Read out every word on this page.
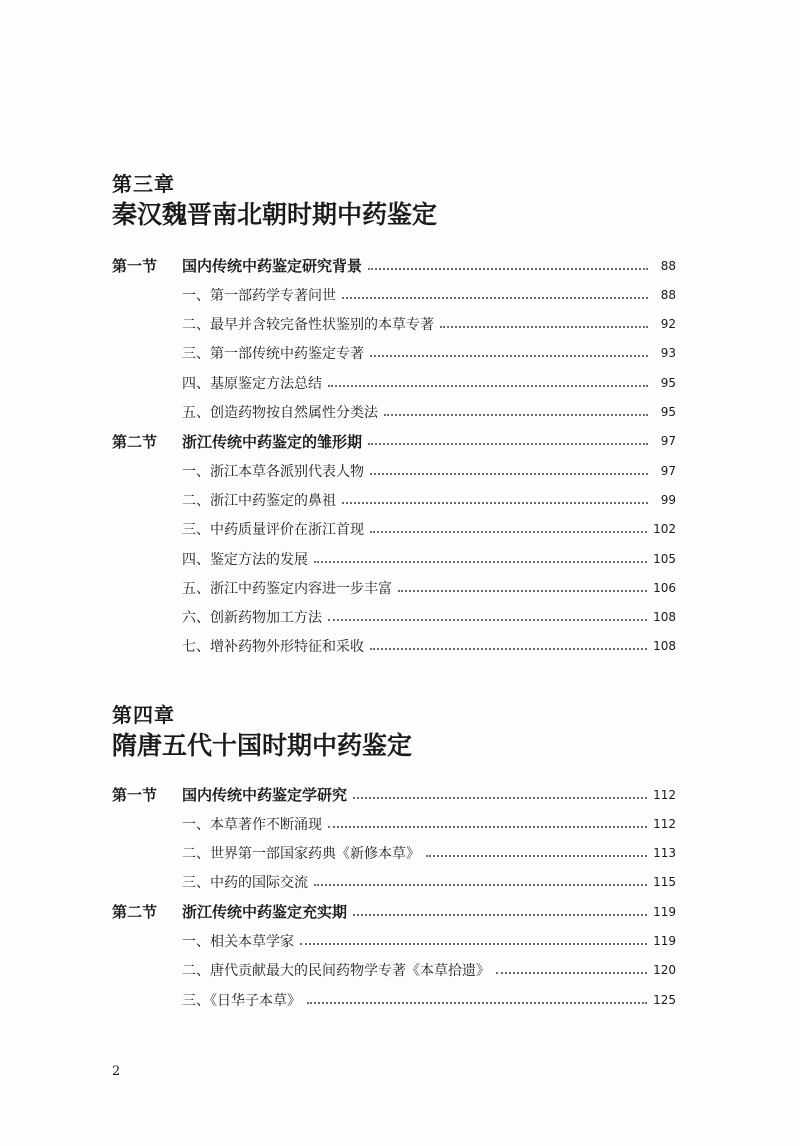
第三章
秦汉魏晋南北朝时期中药鉴定
第一节	国内传统中药鉴定研究背景	88
一、第一部药学专著问世	88
二、最早并含较完备性状鉴别的本草专著	92
三、第一部传统中药鉴定专著	93
四、基原鉴定方法总结	95
五、创造药物按自然属性分类法	95
第二节	浙江传统中药鉴定的雏形期	97
一、浙江本草各派别代表人物	97
二、浙江中药鉴定的鼻祖	99
三、中药质量评价在浙江首现	102
四、鉴定方法的发展	105
五、浙江中药鉴定内容进一步丰富	106
六、创新药物加工方法	108
七、增补药物外形特征和采收	108
第四章
隋唐五代十国时期中药鉴定
第一节	国内传统中药鉴定学研究	112
一、本草著作不断涌现	112
二、世界第一部国家药典《新修本草》	113
三、中药的国际交流	115
第二节	浙江传统中药鉴定充实期	119
一、相关本草学家	119
二、唐代贡献最大的民间药物学专著《本草拾遗》	120
三、《日华子本草》	125
2
